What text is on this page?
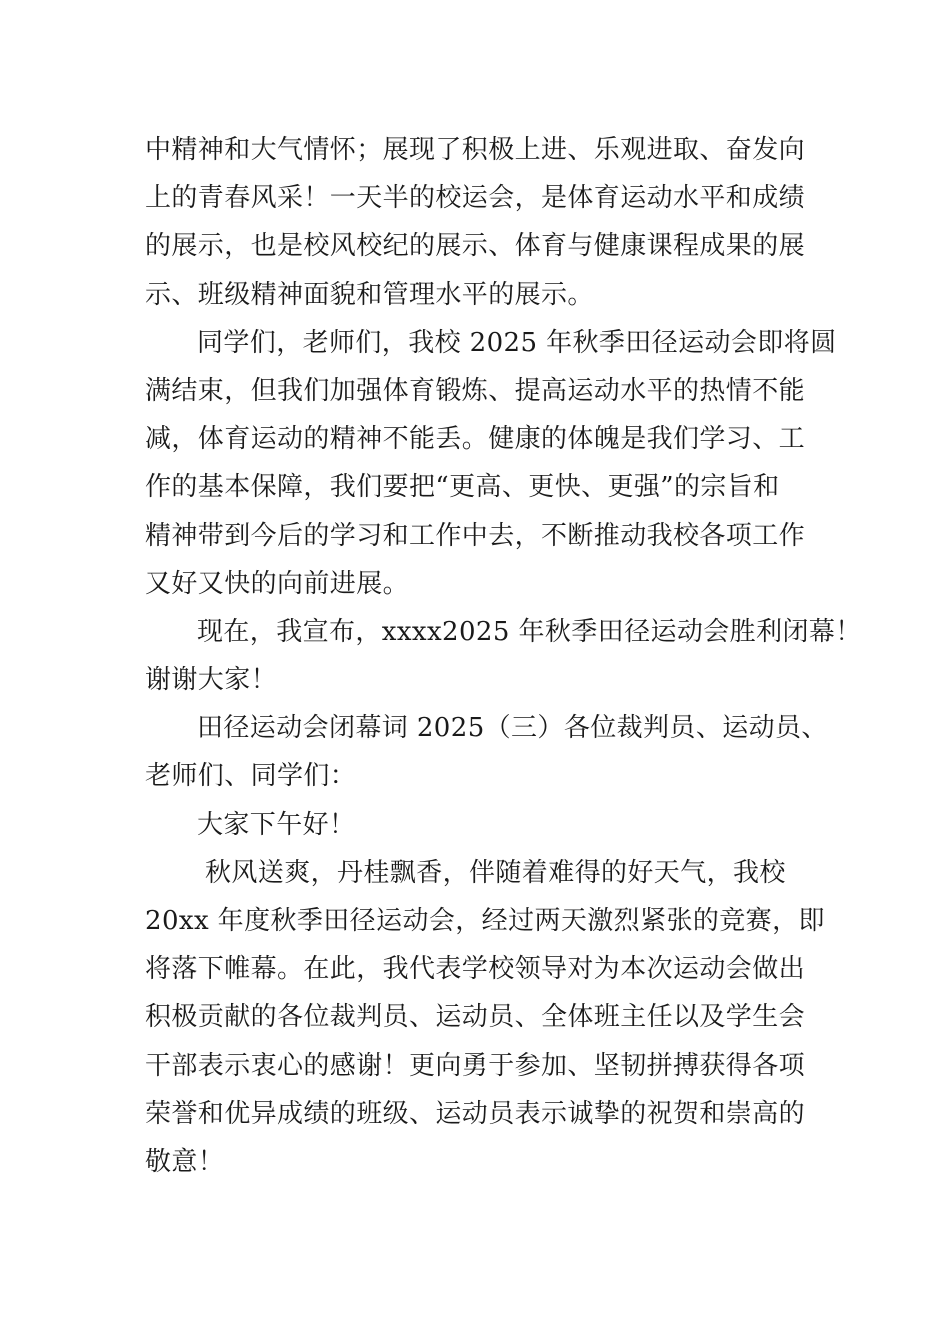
中精神和大气情怀；展现了积极上进、乐观进取、奋发向
上的青春风采！一天半的校运会，是体育运动水平和成绩
的展示，也是校风校纪的展示、体育与健康课程成果的展
示、班级精神面貌和管理水平的展示。
同学们，老师们，我校 2025 年秋季田径运动会即将圆
满结束，但我们加强体育锻炼、提高运动水平的热情不能
减，体育运动的精神不能丢。健康的体魄是我们学习、工
作的基本保障，我们要把“更高、更快、更强”的宗旨和
精神带到今后的学习和工作中去，不断推动我校各项工作
又好又快的向前进展。
现在，我宣布，xxxx2025 年秋季田径运动会胜利闭幕！
谢谢大家！
田径运动会闭幕词 2025（三）各位裁判员、运动员、
老师们、同学们：
大家下午好！
秋风送爽，丹桂飘香，伴随着难得的好天气，我校
20xx 年度秋季田径运动会，经过两天激烈紧张的竞赛，即
将落下帷幕。在此，我代表学校领导对为本次运动会做出
积极贡献的各位裁判员、运动员、全体班主任以及学生会
干部表示衷心的感谢！更向勇于参加、坚韧拼搏获得各项
荣誉和优异成绩的班级、运动员表示诚挚的祝贺和崇高的
敬意！
